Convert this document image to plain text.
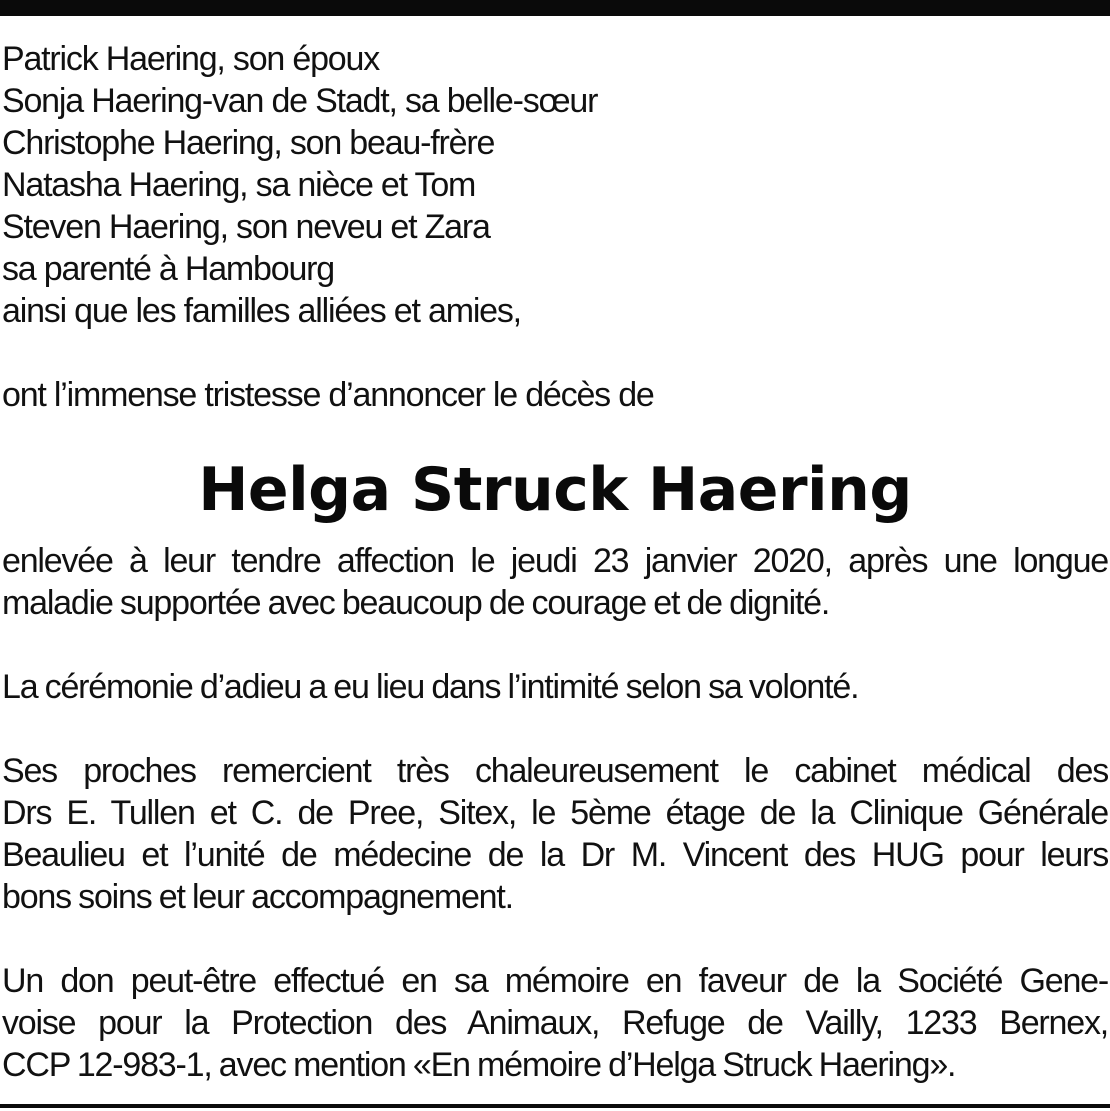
Patrick Haering, son époux
Sonja Haering-van de Stadt, sa belle-sœur
Christophe Haering, son beau-frère
Natasha Haering, sa nièce et Tom
Steven Haering, son neveu et Zara
sa parenté à Hambourg
ainsi que les familles alliées et amies,
ont l’immense tristesse d’annoncer le décès de
Helga Struck Haering
enlevée à leur tendre affection le jeudi 23 janvier 2020, après une longue
maladie supportée avec beaucoup de courage et de dignité.
La cérémonie d’adieu a eu lieu dans l’intimité selon sa volonté.
Ses proches remercient très chaleureusement le cabinet médical des
Drs E. Tullen et C. de Pree, Sitex, le 5ème étage de la Clinique Générale
Beaulieu et l’unité de médecine de la Dr M. Vincent des HUG pour leurs
bons soins et leur accompagnement.
Un don peut-être effectué en sa mémoire en faveur de la Société Gene-
voise pour la Protection des Animaux, Refuge de Vailly, 1233 Bernex,
CCP 12-983-1, avec mention «En mémoire d’Helga Struck Haering».
